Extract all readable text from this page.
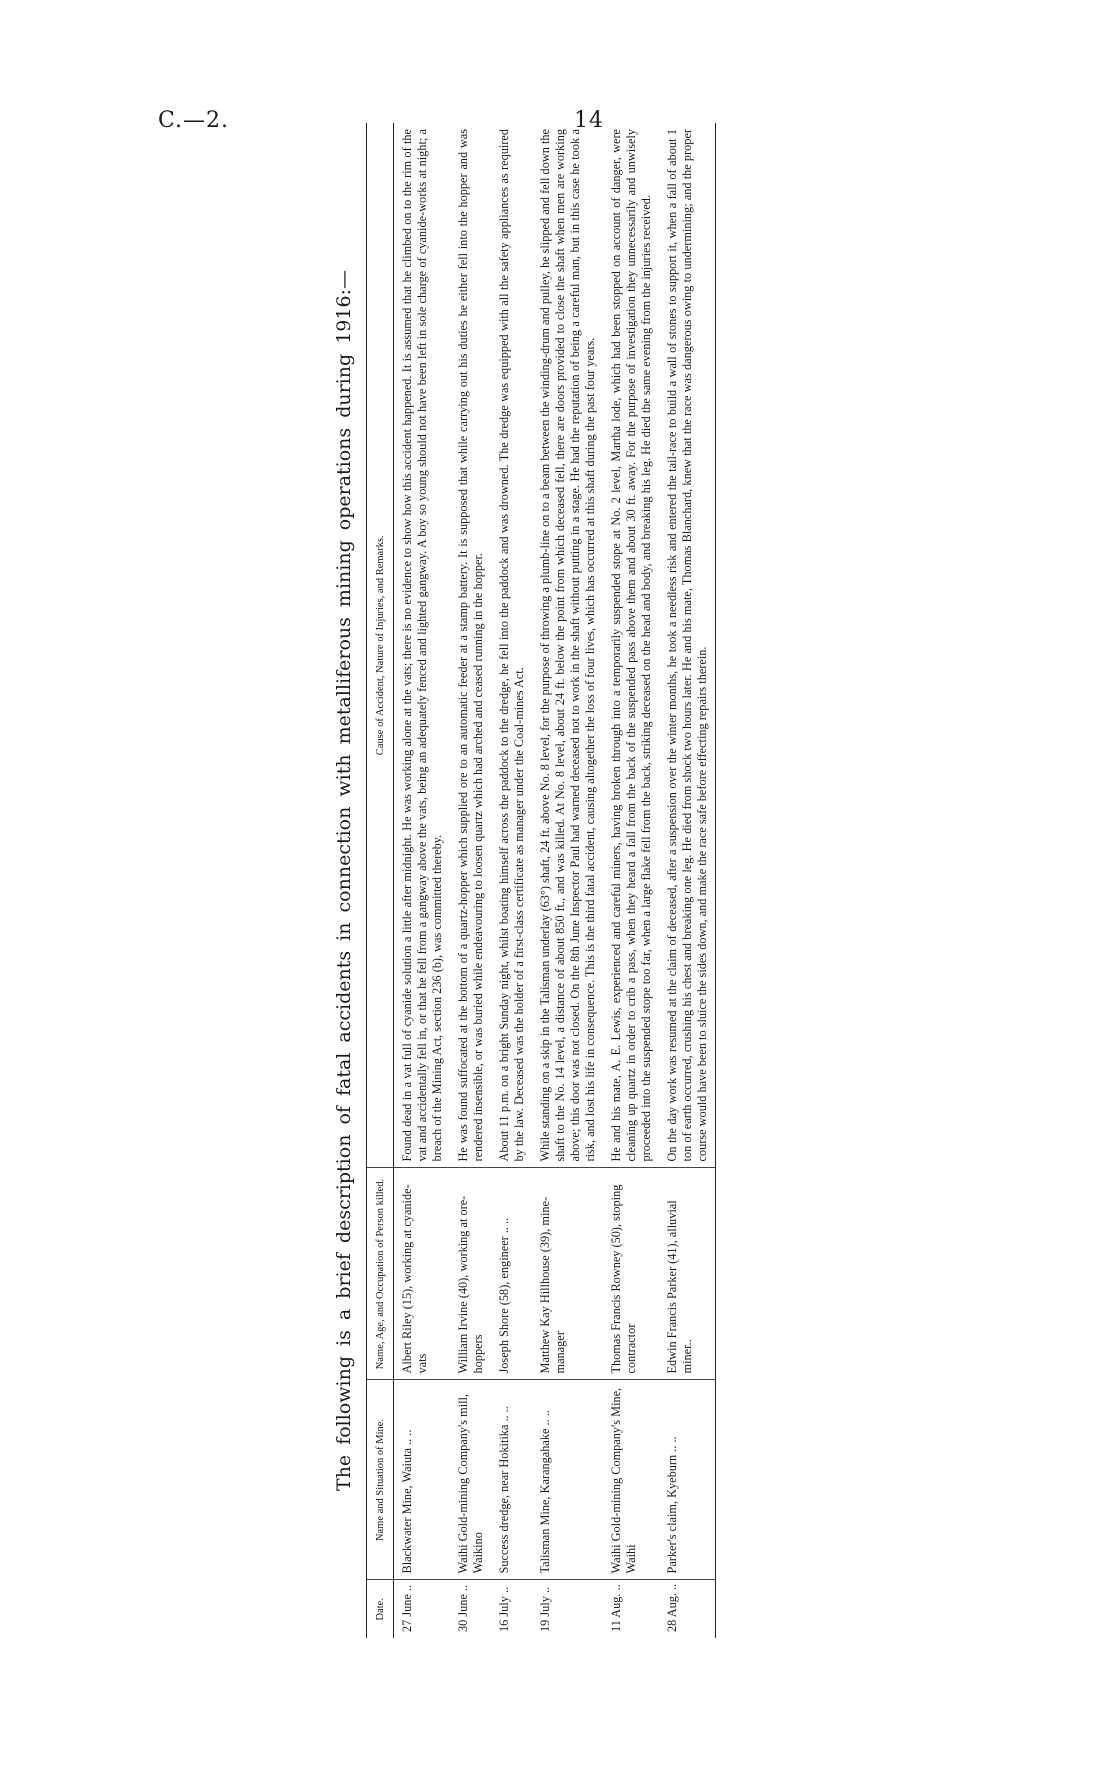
C.—2.	14
The following is a brief description of fatal accidents in connection with metalliferous mining operations during 1916:—
Date.	Name and Situation of Mine.	Name, Age, and Occupation of Person killed.	Cause of Accident, Nature of Injuries, and Remarks.
27 June ..	Blackwater Mine, Waiuta .. ..	Albert Riley (15), working at cyanide-vats	Found dead in a vat full of cyanide solution a little after midnight. He was working alone at the vats; there is no evidence to show how this accident happened. It is assumed that he climbed on to the rim of the vat and accidentally fell in, or that he fell from a gangway above the vats, being an adequately fenced and lighted gangway. A boy so young should not have been left in sole charge of cyanide-works at night; a breach of the Mining Act, section 236 (b), was committed thereby.
30 June ..	Waihi Gold-mining Company's mill, Waikino	William Irvine (40), working at ore-hoppers	He was found suffocated at the bottom of a quartz-hopper which supplied ore to an automatic feeder at a stamp battery. It is supposed that while carrying out his duties he either fell into the hopper and was rendered insensible, or was buried while endeavouring to loosen quartz which had arched and ceased running in the hopper.
16 July ..	Success dredge, near Hokitika .. ..	Joseph Shore (58), engineer .. ..	About 11 p.m. on a bright Sunday night, whilst boating himself across the paddock to the dredge, he fell into the paddock and was drowned. The dredge was equipped with all the safety appliances as required by the law. Deceased was the holder of a first-class certificate as manager under the Coal-mines Act.
19 July ..	Talisman Mine, Karangahake .. ..	Matthew Kay Hillhouse (39), mine-manager	While standing on a skip in the Talisman underlay (63°) shaft, 24 ft. above No. 8 level, for the purpose of throwing a plumb-line on to a beam between the winding-drum and pulley, he slipped and fell down the shaft to the No. 14 level, a distance of about 850 ft., and was killed. At No. 8 level, about 24 ft. below the point from which deceased fell, there are doors provided to close the shaft when men are working above; this door was not closed. On the 8th June Inspector Paul had warned deceased not to work in the shaft without putting in a stage. He had the reputation of being a careful man, but in this case he took a risk, and lost his life in consequence. This is the third fatal accident, causing altogether the loss of four lives, which has occurred at this shaft during the past four years.
11 Aug. ..	Waihi Gold-mining Company's Mine, Waihi	Thomas Francis Rowney (50), stoping contractor	He and his mate, A. E. Lewis, experienced and careful miners, having broken through into a temporarily suspended stope at No. 2 level, Martha lode, which had been stopped on account of danger, were cleaning up quartz in order to crib a pass, when they heard a fall from the back of the suspended pass above them and about 30 ft. away. For the purpose of investigation they unnecessarily and unwisely proceeded into the suspended stope too far, when a large flake fell from the back, striking deceased on the head and body, and breaking his leg. He died the same evening from the injuries received.
28 Aug. ..	Parker's claim, Kyeburn .. ..	Edwin Francis Parker (41), alluvial miner..	On the day work was resumed at the claim of deceased, after a suspension over the winter months, he took a needless risk and entered the tail-race to build a wall of stones to support it, when a fall of about 1 ton of earth occurred, crushing his chest and breaking one leg. He died from shock two hours later. He and his mate, Thomas Blanchard, knew that the race was dangerous owing to undermining; and the proper course would have been to sluice the sides down, and make the race safe before effecting repairs therein.
